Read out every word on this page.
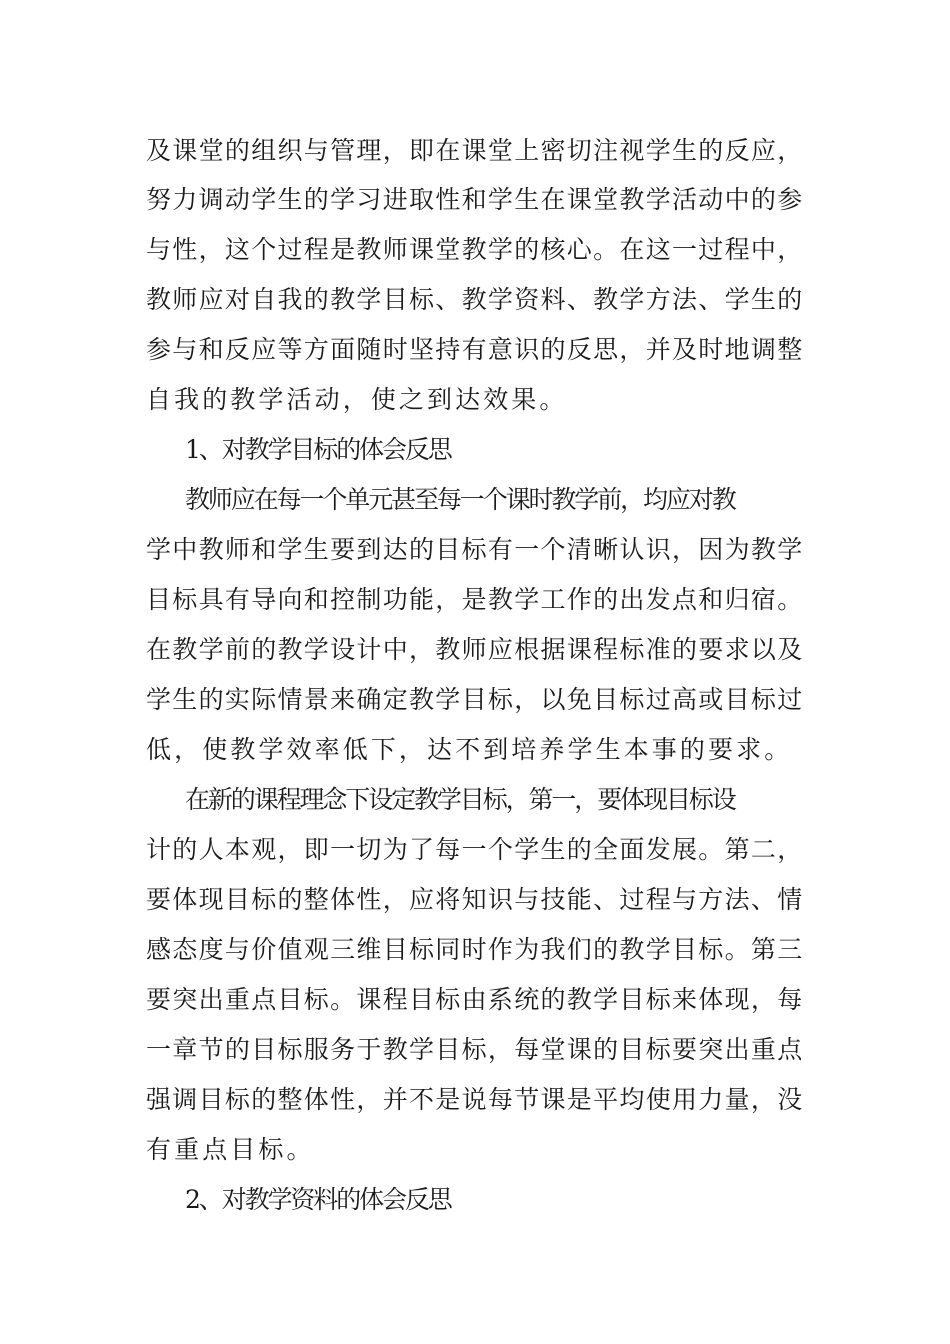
及课堂的组织与管理，即在课堂上密切注视学生的反应，
努力调动学生的学习进取性和学生在课堂教学活动中的参
与性，这个过程是教师课堂教学的核心。在这一过程中，
教师应对自我的教学目标、教学资料、教学方法、学生的
参与和反应等方面随时坚持有意识的反思，并及时地调整
自我的教学活动，使之到达效果。
1、对教学目标的体会反思
教师应在每一个单元甚至每一个课时教学前，均应对教
学中教师和学生要到达的目标有一个清晰认识，因为教学
目标具有导向和控制功能，是教学工作的出发点和归宿。
在教学前的教学设计中，教师应根据课程标准的要求以及
学生的实际情景来确定教学目标，以免目标过高或目标过
低，使教学效率低下，达不到培养学生本事的要求。
在新的课程理念下设定教学目标，第一，要体现目标设
计的人本观，即一切为了每一个学生的全面发展。第二，
要体现目标的整体性，应将知识与技能、过程与方法、情
感态度与价值观三维目标同时作为我们的教学目标。第三
要突出重点目标。课程目标由系统的教学目标来体现，每
一章节的目标服务于教学目标，每堂课的目标要突出重点
强调目标的整体性，并不是说每节课是平均使用力量，没
有重点目标。
2、对教学资料的体会反思
